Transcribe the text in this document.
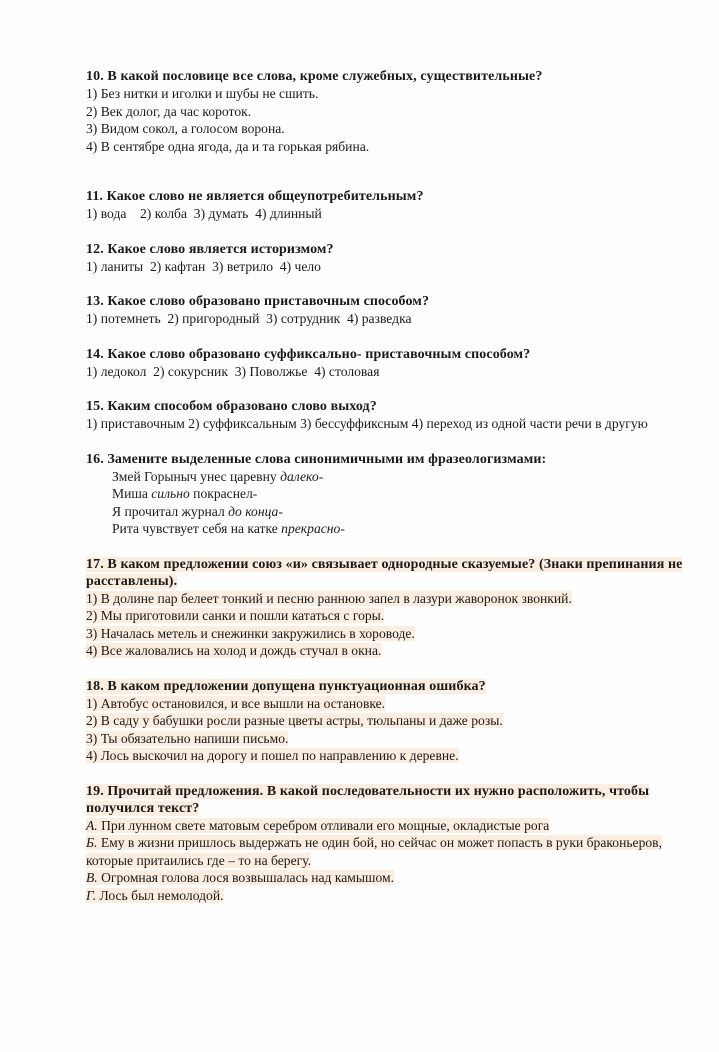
10. В какой пословице все слова, кроме служебных, существительные?

1) Без нитки и иголки и шубы не сшить.

2) Век долог, да час короток.

3) Видом сокол, а голосом ворона.

4) В сентябре одна ягода, да и та горькая рябина.

11. Какое слово не является общеупотребительным?

1) вода    2) колба  3) думать  4) длинный

12. Какое слово является историзмом?

1) ланиты  2) кафтан  3) ветрило  4) чело

13. Какое слово образовано приставочным способом?

1) потемнеть  2) пригородный  3) сотрудник  4) разведка

14. Какое слово образовано суффиксально- приставочным способом?

1) ледокол  2) сокурсник  3) Поволжье  4) столовая

15. Каким способом образовано слово выход?

1) приставочным 2) суффиксальным 3) бессуффиксным 4) переход из одной части речи в другую

16. Замените выделенные слова синонимичными им фразеологизмами:

Змей Горыныч унес царевну далеко-

Миша сильно покраснел-

Я прочитал журнал до конца-

Рита чувствует себя на катке прекрасно-

17. В каком предложении союз «и» связывает однородные сказуемые? (Знаки препинания не расставлены).

1) В долине пар белеет тонкий и песню раннюю запел в лазури жаворонок звонкий.

2) Мы приготовили санки и пошли кататься с горы.

3) Началась метель и снежинки закружились в хороводе.

4) Все жаловались на холод и дождь стучал в окна.

18. В каком предложении допущена пунктуационная ошибка?

1) Автобус остановился, и все вышли на остановке.

2) В саду у бабушки росли разные цветы астры, тюльпаны и даже розы.

3) Ты обязательно напиши письмо.

4) Лось выскочил на дорогу и пошел по направлению к деревне.

19. Прочитай предложения. В какой последовательности их нужно расположить, чтобы получился текст?

А. При лунном свете матовым серебром отливали его мощные, окладистые рога

Б. Ему в жизни пришлось выдержать не один бой, но сейчас он может попасть в руки браконьеров, которые притаились где – то на берегу.

В. Огромная голова лося возвышалась над камышом.

Г. Лось был немолодой.
